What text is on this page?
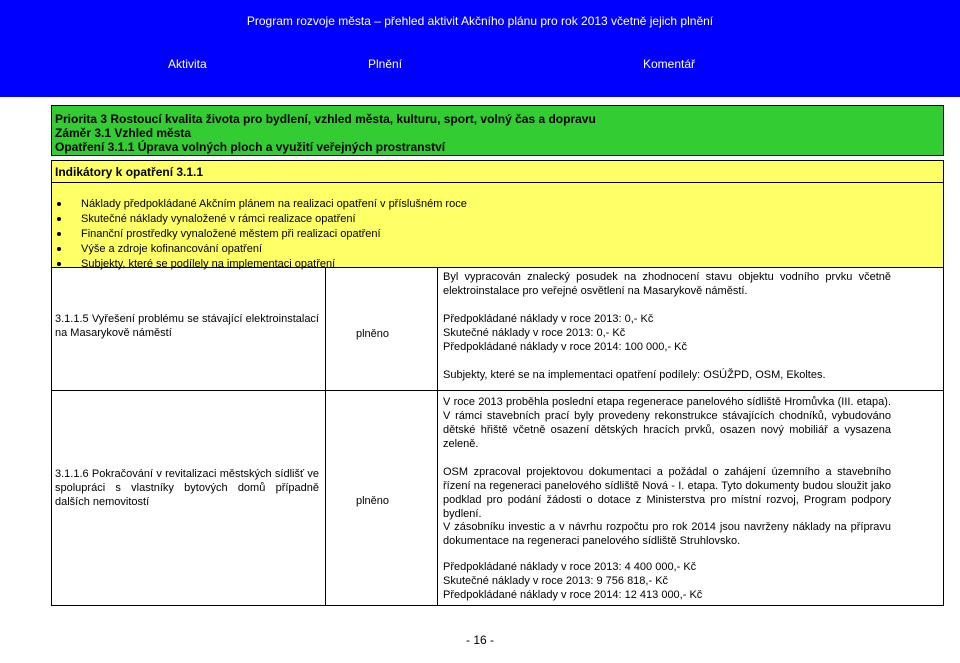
Program rozvoje města – přehled aktivit Akčního plánu pro rok 2013 včetně jejich plnění
Aktivita	Plnění	Komentář
Priorita 3 Rostoucí kvalita života pro bydlení, vzhled města, kulturu, sport, volný čas a dopravu
Záměr 3.1 Vzhled města
Opatření 3.1.1 Úprava volných ploch a využití veřejných prostranství
Indikátory k opatření 3.1.1
Náklady předpokládané Akčním plánem na realizaci opatření v příslušném roce
Skutečné náklady vynaložené v rámci realizace opatření
Finanční prostředky vynaložené městem při realizaci opatření
Výše a zdroje kofinancování opatření
Subjekty, které se podílely na implementaci opatření
3.1.1.5 Vyřešení problému se stávající elektroinstalací na Masarykově náměstí	plněno
Byl vypracován znalecký posudek na zhodnocení stavu objektu vodního prvku včetně elektroinstalace pro veřejné osvětlení na Masarykově náměstí.
Předpokládané náklady v roce 2013: 0,- Kč
Skutečné náklady v roce 2013: 0,- Kč
Předpokládané náklady v roce 2014: 100 000,- Kč
Subjekty, které se na implementaci opatření podílely: OSÚŽPD, OSM, Ekoltes.
3.1.1.6 Pokračování v revitalizaci městských sídlišť ve spolupráci s vlastníky bytových domů případně dalších nemovitostí	plněno
V roce 2013 proběhla poslední etapa regenerace panelového sídliště Hromůvka (III. etapa). V rámci stavebních prací byly provedeny rekonstrukce stávajících chodníků, vybudováno dětské hřiště včetně osazení dětských hracích prvků, osazen nový mobiliář a vysazena zeleně.
OSM zpracoval projektovou dokumentaci a požádal o zahájení územního a stavebního řízení na regeneraci panelového sídliště Nová - I. etapa. Tyto dokumenty budou sloužit jako podklad pro podání žádosti o dotace z Ministerstva pro místní rozvoj, Program podpory bydlení.
V zásobníku investic a v návrhu rozpočtu pro rok 2014 jsou navrženy náklady na přípravu dokumentace na regeneraci panelového sídliště Struhlovsko.
Předpokládané náklady v roce 2013: 4 400 000,- Kč
Skutečné náklady v roce 2013: 9 756 818,- Kč
Předpokládané náklady v roce 2014: 12 413 000,- Kč
- 16 -
